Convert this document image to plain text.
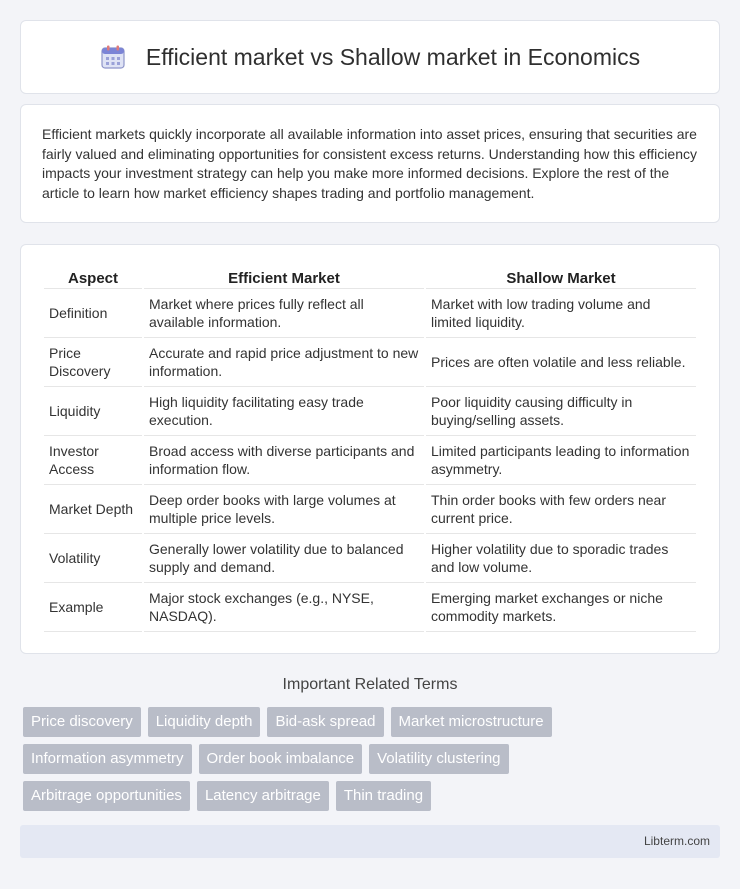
Efficient market vs Shallow market in Economics

Efficient markets quickly incorporate all available information into asset prices, ensuring that securities are fairly valued and eliminating opportunities for consistent excess returns. Understanding how this efficiency impacts your investment strategy can help you make more informed decisions. Explore the rest of the article to learn how market efficiency shapes trading and portfolio management.

Aspect	Efficient Market	Shallow Market
Definition	Market where prices fully reflect all available information.	Market with low trading volume and limited liquidity.
Price Discovery	Accurate and rapid price adjustment to new information.	Prices are often volatile and less reliable.
Liquidity	High liquidity facilitating easy trade execution.	Poor liquidity causing difficulty in buying/selling assets.
Investor Access	Broad access with diverse participants and information flow.	Limited participants leading to information asymmetry.
Market Depth	Deep order books with large volumes at multiple price levels.	Thin order books with few orders near current price.
Volatility	Generally lower volatility due to balanced supply and demand.	Higher volatility due to sporadic trades and low volume.
Example	Major stock exchanges (e.g., NYSE, NASDAQ).	Emerging market exchanges or niche commodity markets.
Important Related Terms
Price discovery	Liquidity depth	Bid-ask spread	Market microstructure
Information asymmetry	Order book imbalance	Volatility clustering
Arbitrage opportunities	Latency arbitrage	Thin trading
Libterm.com
